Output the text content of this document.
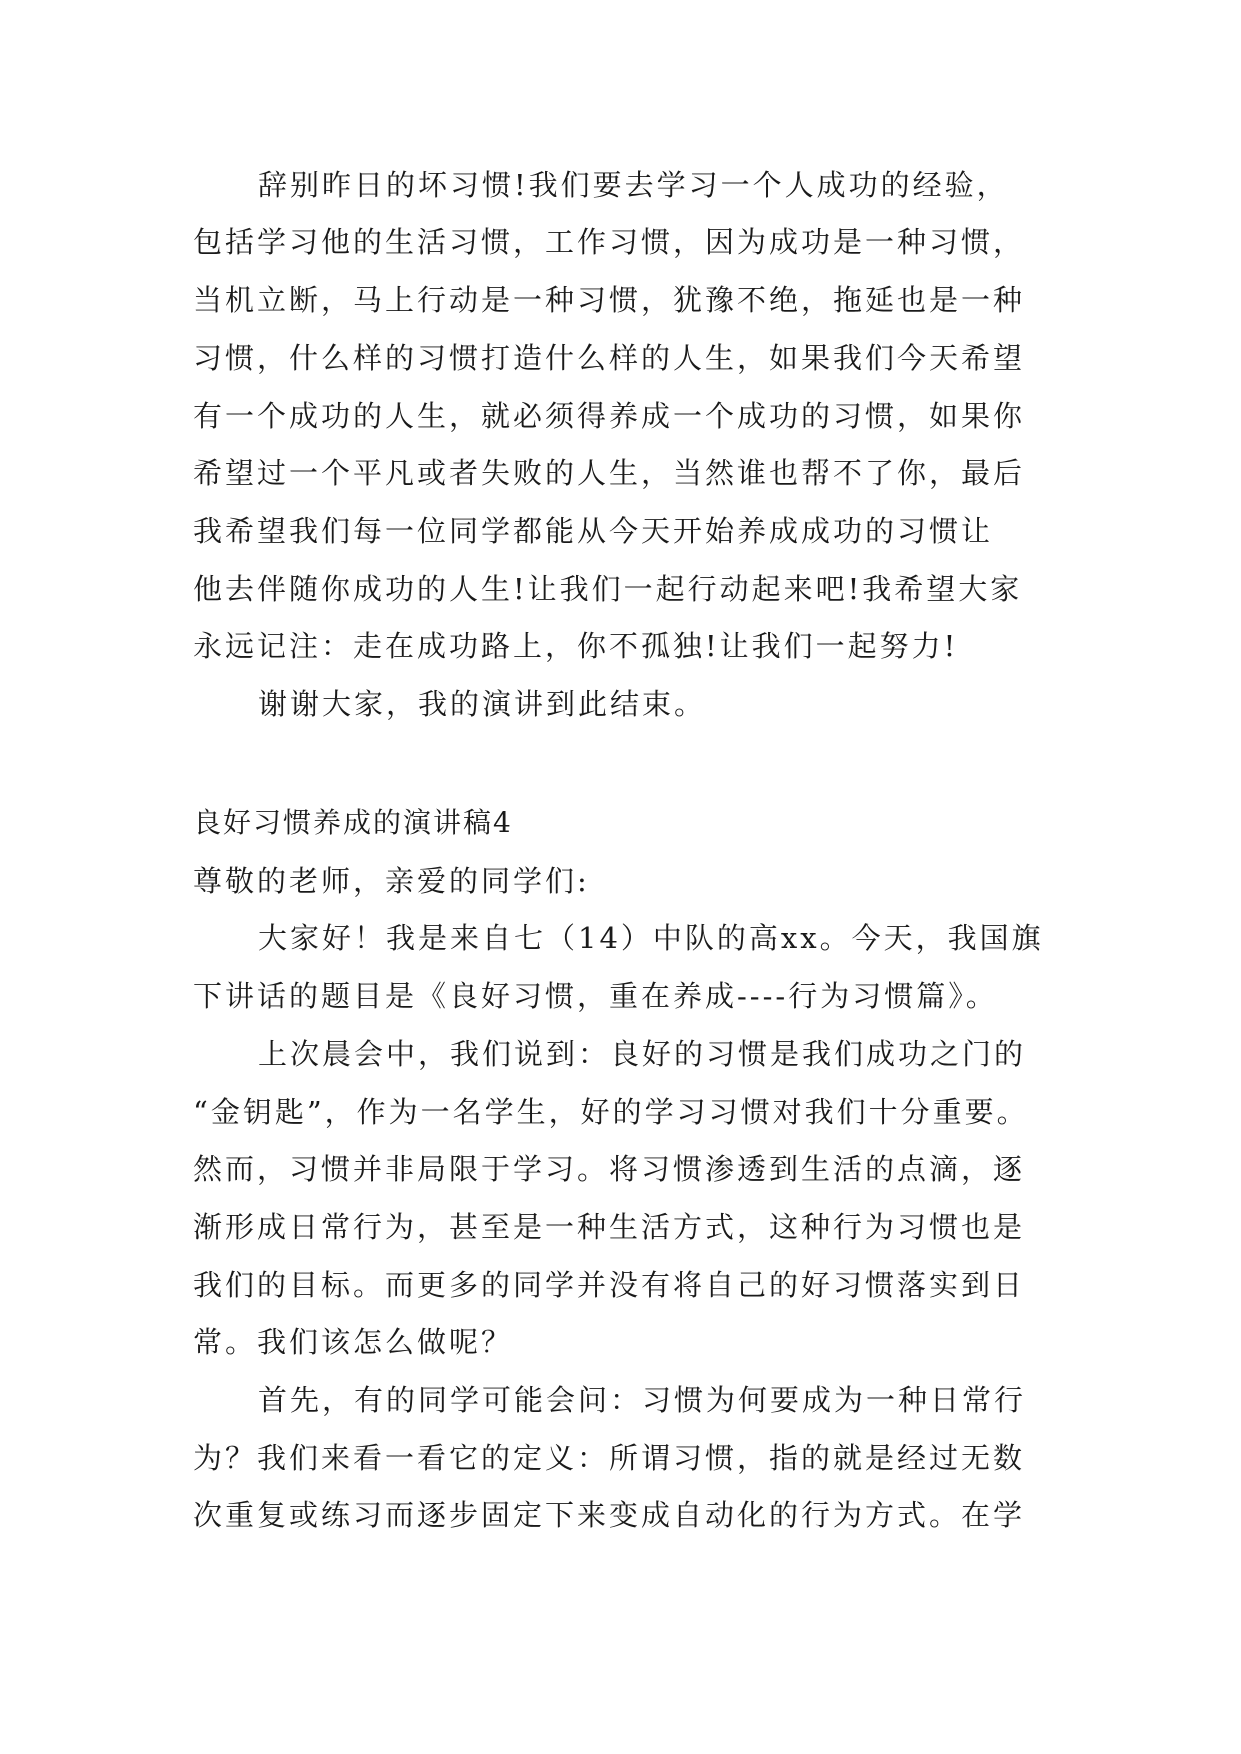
辞别昨日的坏习惯!我们要去学习一个人成功的经验，
包括学习他的生活习惯，工作习惯，因为成功是一种习惯，
当机立断，马上行动是一种习惯，犹豫不绝，拖延也是一种
习惯，什么样的习惯打造什么样的人生，如果我们今天希望
有一个成功的人生，就必须得养成一个成功的习惯，如果你
希望过一个平凡或者失败的人生，当然谁也帮不了你，最后
我希望我们每一位同学都能从今天开始养成成功的习惯让
他去伴随你成功的人生!让我们一起行动起来吧!我希望大家
永远记注：走在成功路上，你不孤独!让我们一起努力!
谢谢大家，我的演讲到此结束。
良好习惯养成的演讲稿4
尊敬的老师，亲爱的同学们:
大家好！我是来自七（14）中队的高xx。今天，我国旗
下讲话的题目是《良好习惯，重在养成----行为习惯篇》。
上次晨会中，我们说到：良好的习惯是我们成功之门的
“金钥匙”，作为一名学生，好的学习习惯对我们十分重要。
然而，习惯并非局限于学习。将习惯渗透到生活的点滴，逐
渐形成日常行为，甚至是一种生活方式，这种行为习惯也是
我们的目标。而更多的同学并没有将自己的好习惯落实到日
常。我们该怎么做呢？
首先，有的同学可能会问：习惯为何要成为一种日常行
为？我们来看一看它的定义：所谓习惯，指的就是经过无数
次重复或练习而逐步固定下来变成自动化的行为方式。在学
